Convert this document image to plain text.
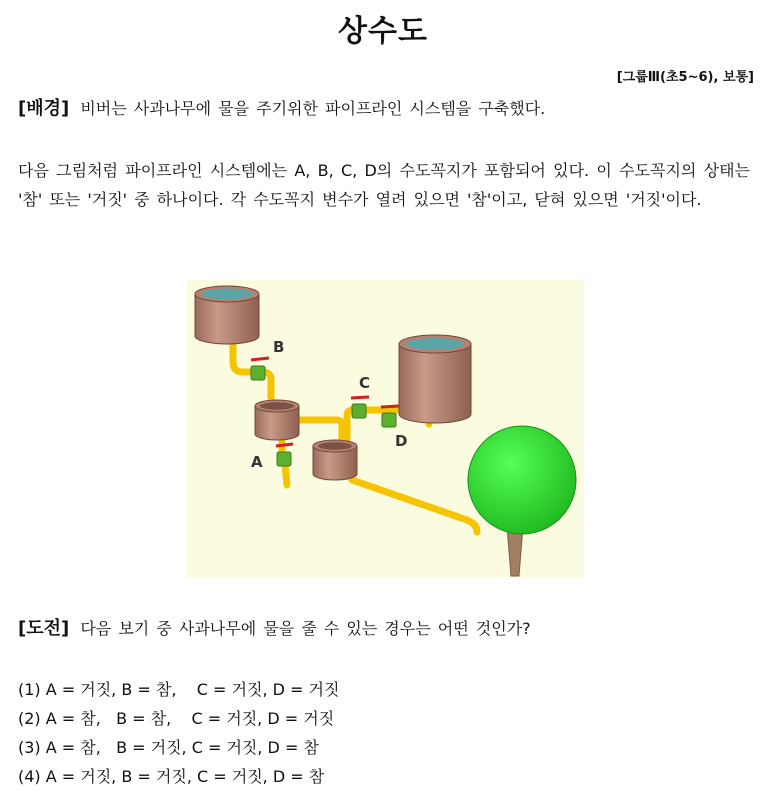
상수도
[그룹Ⅲ(초5~6), 보통]
[배경] 비버는 사과나무에 물을 주기위한 파이프라인 시스템을 구축했다.
다음 그림처럼 파이프라인 시스템에는 A, B, C, D의 수도꼭지가 포함되어 있다. 이 수도꼭지의 상태는 '참' 또는 '거짓' 중 하나이다. 각 수도꼭지 변수가 열려 있으면 '참'이고, 닫혀 있으면 '거짓'이다.
A
B
C
D
[도전] 다음 보기 중 사과나무에 물을 줄 수 있는 경우는 어떤 것인가?
(1) A = 거짓, B = 참,    C = 거짓, D = 거짓
(2) A = 참,   B = 참,    C = 거짓, D = 거짓
(3) A = 참,   B = 거짓, C = 거짓, D = 참
(4) A = 거짓, B = 거짓, C = 거짓, D = 참
